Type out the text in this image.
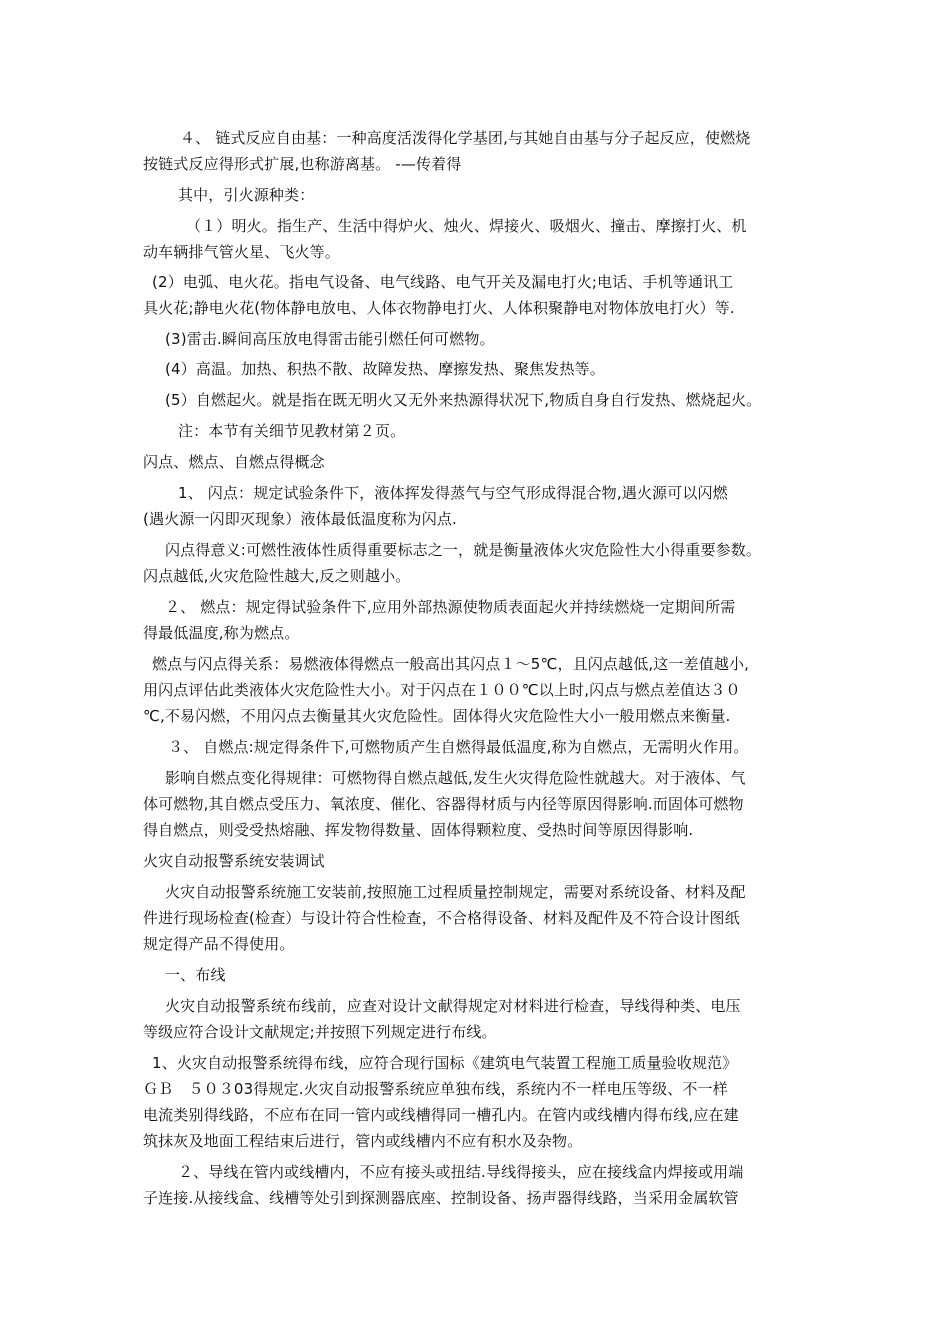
４、 链式反应自由基：一种高度活泼得化学基团,与其她自由基与分子起反应，使燃烧

按链式反应得形式扩展,也称游离基。 -—传着得

其中，引火源种类：

（１）明火。指生产、生活中得炉火、烛火、焊接火、吸烟火、撞击、摩擦打火、机

动车辆排气管火星、飞火等。

(2）电弧、电火花。指电气设备、电气线路、电气开关及漏电打火;电话、手机等通讯工

具火花;静电火花(物体静电放电、人体衣物静电打火、人体积聚静电对物体放电打火）等.

(3)雷击.瞬间高压放电得雷击能引燃任何可燃物。

(4）高温。加热、积热不散、故障发热、摩擦发热、聚焦发热等。

(5）自燃起火。就是指在既无明火又无外来热源得状况下,物质自身自行发热、燃烧起火。

注：本节有关细节见教材第２页。

闪点、燃点、自燃点得概念

1、 闪点：规定试验条件下，液体挥发得蒸气与空气形成得混合物,遇火源可以闪燃

(遇火源一闪即灭现象）液体最低温度称为闪点.

闪点得意义:可燃性液体性质得重要标志之一，就是衡量液体火灾危险性大小得重要参数。

闪点越低,火灾危险性越大,反之则越小。

２、 燃点：规定得试验条件下,应用外部热源使物质表面起火并持续燃烧一定期间所需

得最低温度,称为燃点。

燃点与闪点得关系：易燃液体得燃点一般高出其闪点１～5℃，且闪点越低,这一差值越小,

用闪点评估此类液体火灾危险性大小。对于闪点在１００℃以上时,闪点与燃点差值达３０

℃,不易闪燃，不用闪点去衡量其火灾危险性。固体得火灾危险性大小一般用燃点来衡量.

３、 自燃点:规定得条件下,可燃物质产生自燃得最低温度,称为自燃点，无需明火作用。

影响自燃点变化得规律：可燃物得自燃点越低,发生火灾得危险性就越大。对于液体、气

体可燃物,其自燃点受压力、氧浓度、催化、容器得材质与内径等原因得影响.而固体可燃物

得自燃点，则受受热熔融、挥发物得数量、固体得颗粒度、受热时间等原因得影响.

火灾自动报警系统安装调试

火灾自动报警系统施工安装前,按照施工过程质量控制规定，需要对系统设备、材料及配

件进行现场检查(检查）与设计符合性检查，不合格得设备、材料及配件及不符合设计图纸

规定得产品不得使用。

一、布线

火灾自动报警系统布线前，应查对设计文献得规定对材料进行检查，导线得种类、电压

等级应符合设计文献规定;并按照下列规定进行布线。

1、火灾自动报警系统得布线，应符合现行国标《建筑电气装置工程施工质量验收规范》

ＧＢ　５０３03得规定.火灾自动报警系统应单独布线，系统内不一样电压等级、不一样

电流类别得线路，不应布在同一管内或线槽得同一槽孔内。在管内或线槽内得布线,应在建

筑抹灰及地面工程结束后进行，管内或线槽内不应有积水及杂物。

２、导线在管内或线槽内，不应有接头或扭结.导线得接头，应在接线盒内焊接或用端

子连接.从接线盒、线槽等处引到探测器底座、控制设备、扬声器得线路，当采用金属软管
